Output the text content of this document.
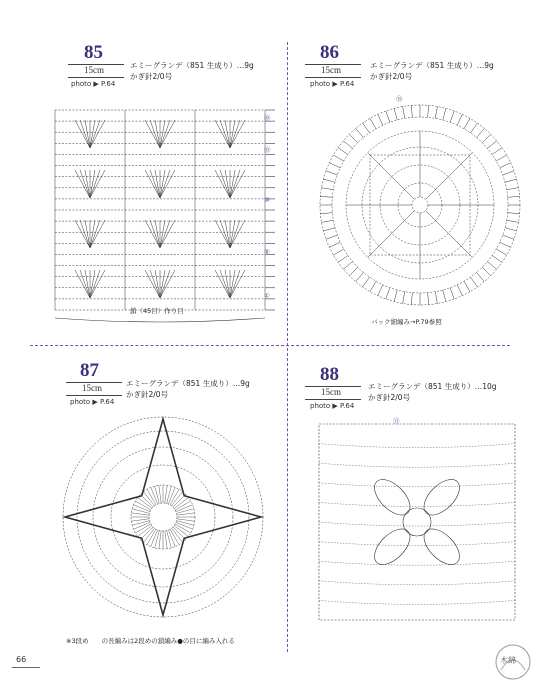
85
15cm
photo ▶ P.64
エミーグランデ（851 生成り）…9g
かぎ針2/0号
鎖（45目）作り目
⑱
⑮
⑩
⑤
①
86
15cm
photo ▶ P.64
エミーグランデ（851 生成り）…9g
かぎ針2/0号
⑮
バック細編み→P.79参照
87
15cm
photo ▶ P.64
エミーグランデ（851 生成り）…9g
かぎ針2/0号
※3段め　　の長編みは2段めの鎖編み●の目に編み入れる
88
15cm
photo ▶ P.64
エミーグランデ（851 生成り）…10g
かぎ針2/0号
⑪
66	木綿
